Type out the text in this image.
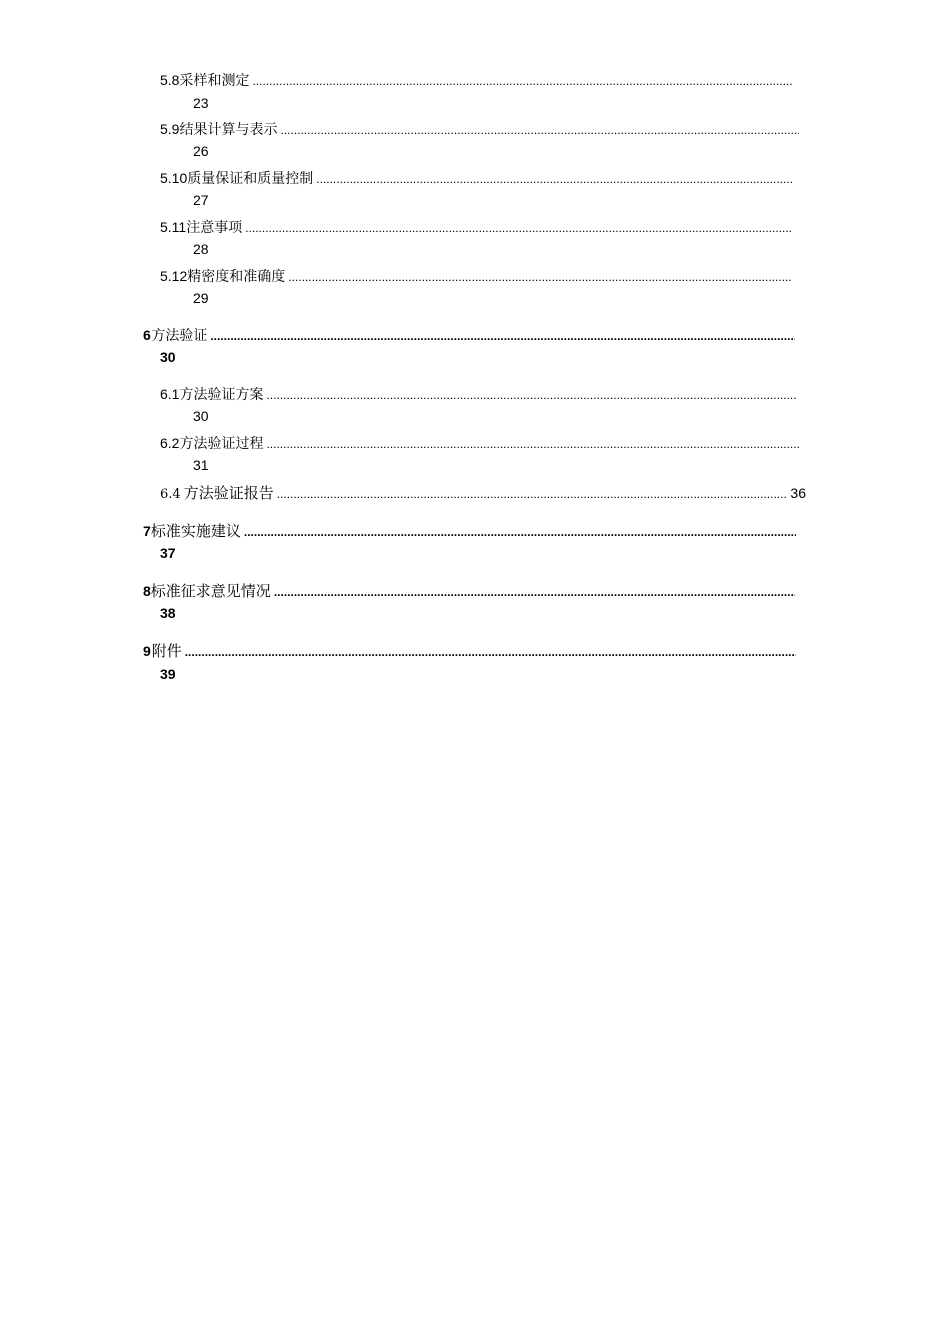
5.8 采样和测定
.....
23
5.9 结果计算与表示
.....
26
5.10 质量保证和质量控制
.....
27
5.11 注意事项
.....
28
5.12 精密度和准确度
.....
29
6 方法验证
.....
30
6.1 方法验证方案
.....
30
6.2 方法验证过程
.....
31
6.4 方法验证报告
.....	36
7 标准实施建议
.....
37
8 标准征求意见情况
.....
38
9 附件
.....
39
